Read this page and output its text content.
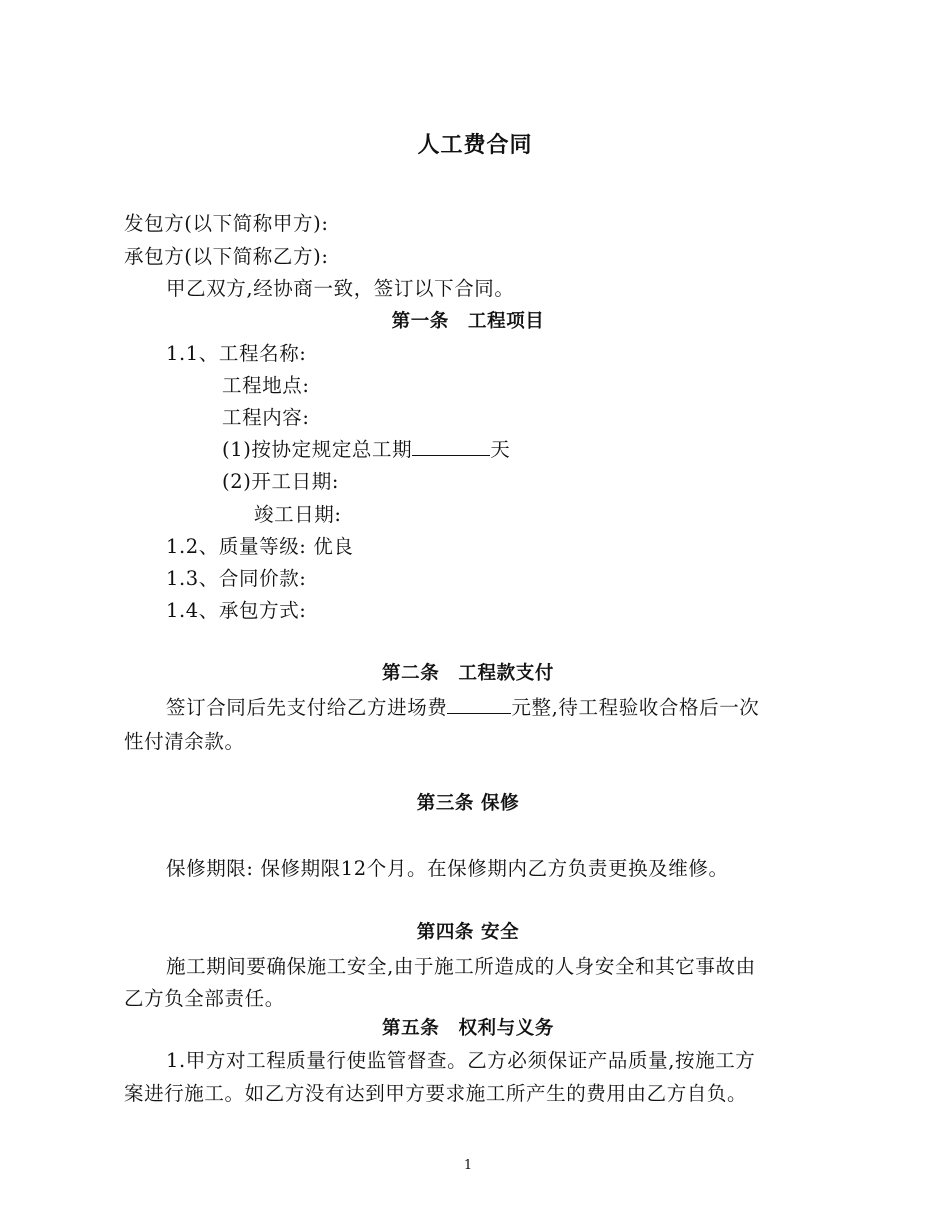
人工费合同
发包方(以下简称甲方):
承包方(以下简称乙方):
甲乙双方,经协商一致，签订以下合同。
第一条　工程项目
1.1、工程名称:
工程地点:
工程内容:
(1)按协定规定总工期	天
(2)开工日期:
竣工日期:
1.2、质量等级: 优良
1.3、合同价款:
1.4、承包方式:
第二条　工程款支付
签订合同后先支付给乙方进场费	元整,待工程验收合格后一次
性付清余款。
第三条 保修
保修期限: 保修期限12个月。在保修期内乙方负责更换及维修。
第四条 安全
施工期间要确保施工安全,由于施工所造成的人身安全和其它事故由
乙方负全部责任。
第五条　权利与义务
1.甲方对工程质量行使监管督查。乙方必须保证产品质量,按施工方
案进行施工。如乙方没有达到甲方要求施工所产生的费用由乙方自负。
1
